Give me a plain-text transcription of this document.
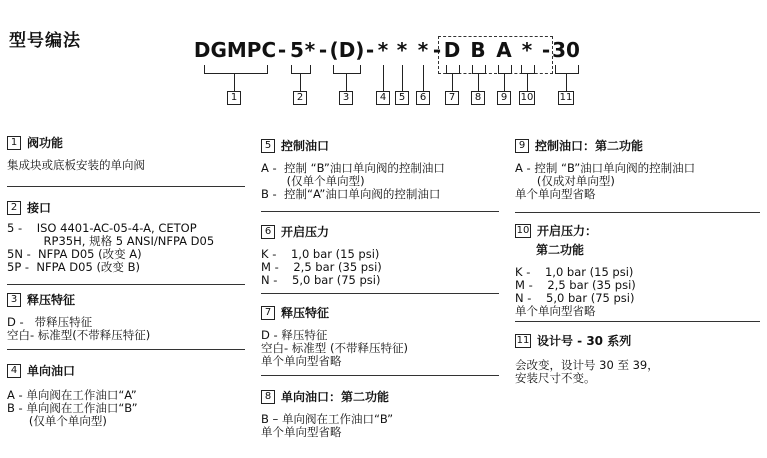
型号编法	DGMPC - 5 * - (D) - * * * - D B A * - 30
1	2	3	4	5	6	7	8	9	10	11
1 阀功能
集成块或底板安装的单向阀
2 接口
5 -    ISO 4401-AC-05-4-A, CETOP
RP35H, 规格 5 ANSI/NFPA D05
5N -  NFPA D05 (改变 A)
5P -  NFPA D05 (改变 B)
3 释压特征
D -   带释压特征
空白- 标准型(不带释压特征)
4 单向油口
A - 单向阀在工作油口“A”
B - 单向阀在工作油口“B”
(仅单个单向型)
5 控制油口
A -  控制 “B”油口单向阀的控制油口
(仅单个单向型)
B -  控制“A”油口单向阀的控制油口
6 开启压力
K -    1,0 bar (15 psi)
M -    2,5 bar (35 psi)
N -    5,0 bar (75 psi)
7 释压特征
D - 释压特征
空白- 标准型 (不带释压特征)
单个单向型省略
8 单向油口：第二功能
B – 单向阀在工作油口“B”
单个单向型省略
9 控制油口：第二功能
A - 控制 “B”油口单向阀的控制油口
(仅成对单向型)
单个单向型省略
10 开启压力：
第二功能
K -    1,0 bar (15 psi)
M -    2,5 bar (35 psi)
N -    5,0 bar (75 psi)
单个单向型省略
11 设计号 - 30 系列
会改变，设计号 30 至 39，
安装尺寸不变。
